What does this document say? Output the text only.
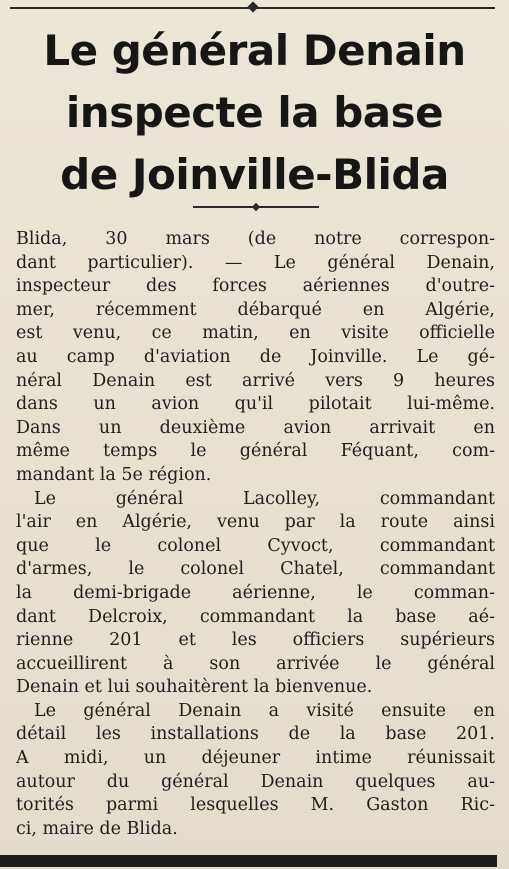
Le général Denain
inspecte la base
de Joinville-Blida
Blida, 30 mars (de notre correspon-
dant particulier). — Le général Denain,
inspecteur des forces aériennes d'outre-
mer, récemment débarqué en Algérie,
est venu, ce matin, en visite officielle
au camp d'aviation de Joinville. Le gé-
néral Denain est arrivé vers 9 heures
dans un avion qu'il pilotait lui-même.
Dans un deuxième avion arrivait en
même temps le général Féquant, com-
mandant la 5e région.
Le général Lacolley, commandant
l'air en Algérie, venu par la route ainsi
que le colonel Cyvoct, commandant
d'armes, le colonel Chatel, commandant
la demi-brigade aérienne, le comman-
dant Delcroix, commandant la base aé-
rienne 201 et les officiers supérieurs
accueillirent à son arrivée le général
Denain et lui souhaitèrent la bienvenue.
Le général Denain a visité ensuite en
détail les installations de la base 201.
A midi, un déjeuner intime réunissait
autour du général Denain quelques au-
torités parmi lesquelles M. Gaston Ric-
ci, maire de Blida.
